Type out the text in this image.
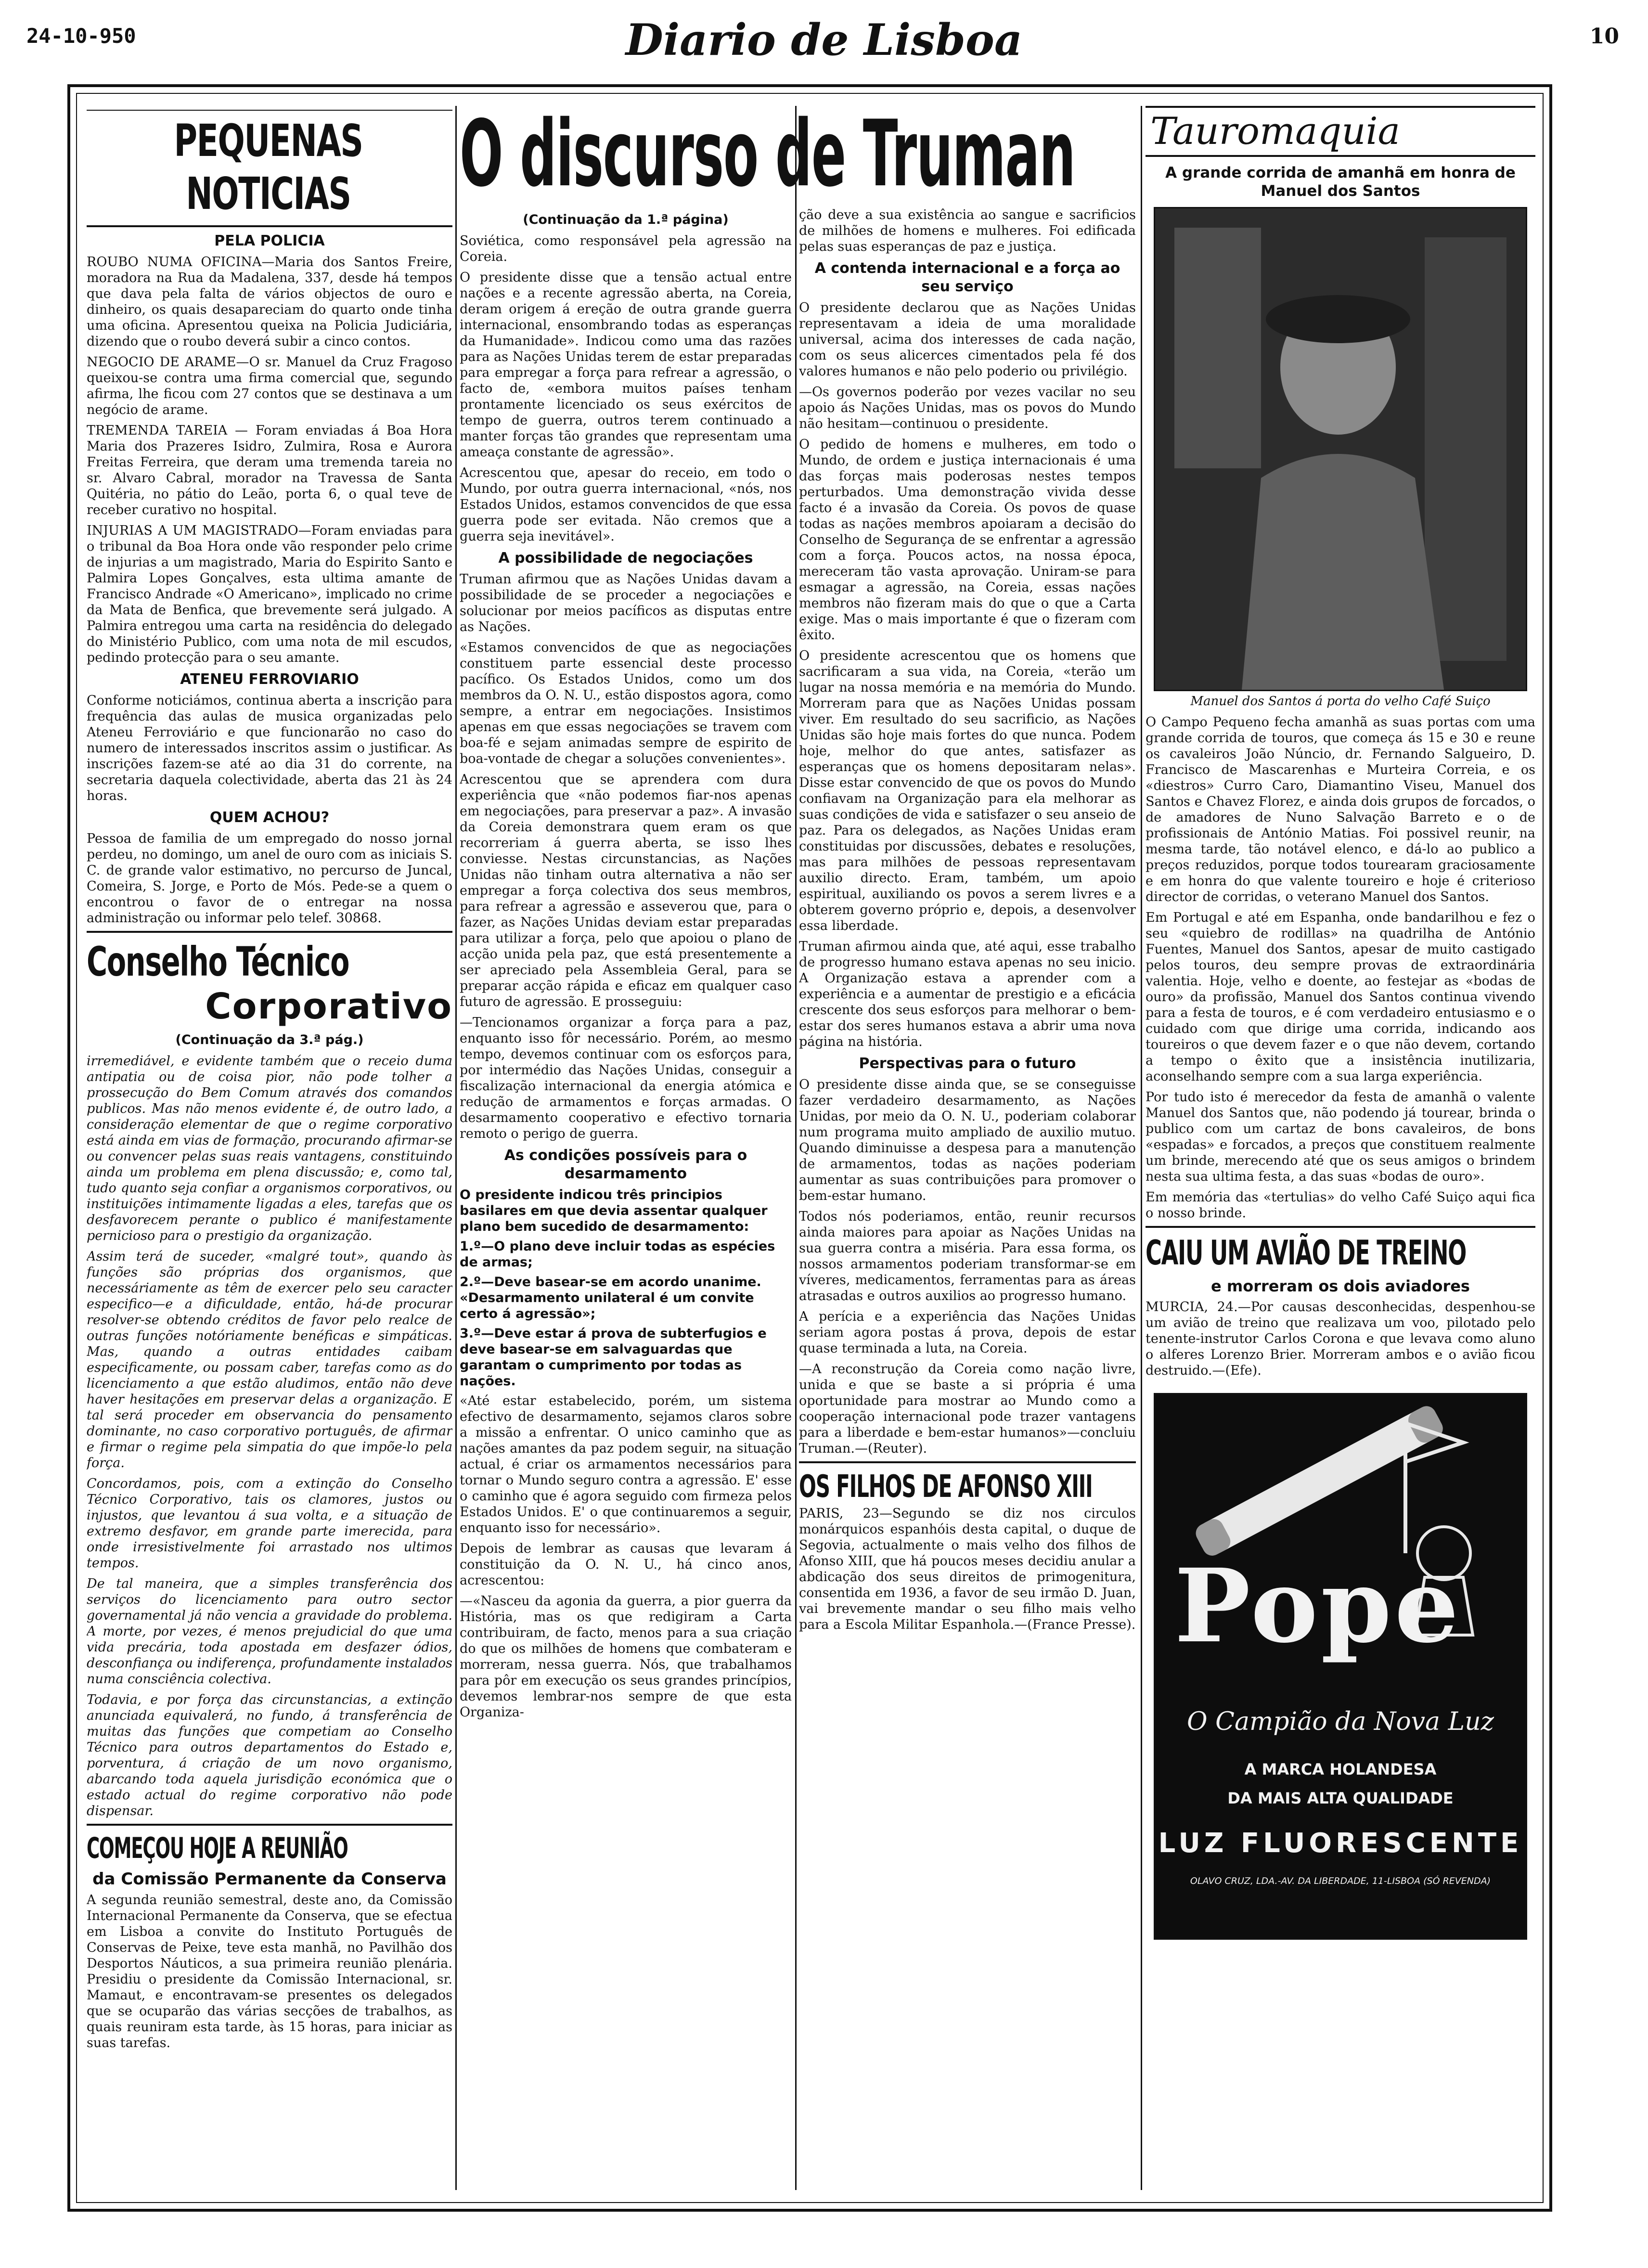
24-10-950	Diario de Lisboa	10
PEQUENAS NOTICIAS
PELA POLICIA

ROUBO NUMA OFICINA—Maria dos Santos Freire, moradora na Rua da Madalena, 337, desde há tempos que dava pela falta de vários objectos de ouro e dinheiro, os quais desapareciam do quarto onde tinha uma oficina. Apresentou queixa na Policia Judiciária, dizendo que o roubo deverá subir a cinco contos.

NEGOCIO DE ARAME—O sr. Manuel da Cruz Fragoso queixou-se contra uma firma comercial que, segundo afirma, lhe ficou com 27 contos que se destinava a um negócio de arame.

TREMENDA TAREIA — Foram enviadas á Boa Hora Maria dos Prazeres Isidro, Zulmira, Rosa e Aurora Freitas Ferreira, que deram uma tremenda tareia no sr. Alvaro Cabral, morador na Travessa de Santa Quitéria, no pátio do Leão, porta 6, o qual teve de receber curativo no hospital.

INJURIAS A UM MAGISTRADO—Foram enviadas para o tribunal da Boa Hora onde vão responder pelo crime de injurias a um magistrado, Maria do Espirito Santo e Palmira Lopes Gonçalves, esta ultima amante de Francisco Andrade «O Americano», implicado no crime da Mata de Benfica, que brevemente será julgado. A Palmira entregou uma carta na residência do delegado do Ministério Publico, com uma nota de mil escudos, pedindo protecção para o seu amante.

ATENEU FERROVIARIO

Conforme noticiámos, continua aberta a inscrição para frequência das aulas de musica organizadas pelo Ateneu Ferroviário e que funcionarão no caso do numero de interessados inscritos assim o justificar. As inscrições fazem-se até ao dia 31 do corrente, na secretaria daquela colectividade, aberta das 21 às 24 horas.

QUEM ACHOU?

Pessoa de familia de um empregado do nosso jornal perdeu, no domingo, um anel de ouro com as iniciais S. C. de grande valor estimativo, no percurso de Juncal, Comeira, S. Jorge, e Porto de Mós. Pede-se a quem o encontrou o favor de o entregar na nossa administração ou informar pelo telef. 30868.

Conselho Técnico
Corporativo
(Continuação da 3.ª pág.)

irremediável, e evidente também que o receio duma antipatia ou de coisa pior, não pode tolher a prossecução do Bem Comum através dos comandos publicos. Mas não menos evidente é, de outro lado, a consideração elementar de que o regime corporativo está ainda em vias de formação, procurando afirmar-se ou convencer pelas suas reais vantagens, constituindo ainda um problema em plena discussão; e, como tal, tudo quanto seja confiar a organismos corporativos, ou instituições intimamente ligadas a eles, tarefas que os desfavorecem perante o publico é manifestamente pernicioso para o prestigio da organização.

Assim terá de suceder, «malgré tout», quando às funções são próprias dos organismos, que necessáriamente as têm de exercer pelo seu caracter especifico—e a dificuldade, então, há-de procurar resolver-se obtendo créditos de favor pelo realce de outras funções notóriamente benéficas e simpáticas. Mas, quando a outras entidades caibam especificamente, ou possam caber, tarefas como as do licenciamento a que estão aludimos, então não deve haver hesitações em preservar delas a organização. E tal será proceder em observancia do pensamento dominante, no caso corporativo português, de afirmar e firmar o regime pela simpatia do que impõe-lo pela força.

Concordamos, pois, com a extinção do Conselho Técnico Corporativo, tais os clamores, justos ou injustos, que levantou á sua volta, e a situação de extremo desfavor, em grande parte imerecida, para onde irresistivelmente foi arrastado nos ultimos tempos.

De tal maneira, que a simples transferência dos serviços do licenciamento para outro sector governamental já não vencia a gravidade do problema. A morte, por vezes, é menos prejudicial do que uma vida precária, toda apostada em desfazer ódios, desconfiança ou indiferença, profundamente instalados numa consciência colectiva.

Todavia, e por força das circunstancias, a extinção anunciada equivalerá, no fundo, á transferência de muitas das funções que competiam ao Conselho Técnico para outros departamentos do Estado e, porventura, á criação de um novo organismo, abarcando toda aquela jurisdição económica que o estado actual do regime corporativo não pode dispensar.

COMEÇOU HOJE A REUNIÃO
da Comissão Permanente da Conserva

A segunda reunião semestral, deste ano, da Comissão Internacional Permanente da Conserva, que se efectua em Lisboa a convite do Instituto Português de Conservas de Peixe, teve esta manhã, no Pavilhão dos Desportos Náuticos, a sua primeira reunião plenária. Presidiu o presidente da Comissão Internacional, sr. Mamaut, e encontravam-se presentes os delegados que se ocuparão das várias secções de trabalhos, as quais reuniram esta tarde, às 15 horas, para iniciar as suas tarefas.

O discurso de Truman
(Continuação da 1.ª página)

Soviética, como responsável pela agressão na Coreia.

O presidente disse que a tensão actual entre nações e a recente agressão aberta, na Coreia, deram origem á ereção de outra grande guerra internacional, ensombrando todas as esperanças da Humanidade». Indicou como uma das razões para as Nações Unidas terem de estar preparadas para empregar a força para refrear a agressão, o facto de, «embora muitos países tenham prontamente licenciado os seus exércitos de tempo de guerra, outros terem continuado a manter forças tão grandes que representam uma ameaça constante de agressão».

Acrescentou que, apesar do receio, em todo o Mundo, por outra guerra internacional, «nós, nos Estados Unidos, estamos convencidos de que essa guerra pode ser evitada. Não cremos que a guerra seja inevitável».

A possibilidade de negociações

Truman afirmou que as Nações Unidas davam a possibilidade de se proceder a negociações e solucionar por meios pacíficos as disputas entre as Nações.

«Estamos convencidos de que as negociações constituem parte essencial deste processo pacífico. Os Estados Unidos, como um dos membros da O. N. U., estão dispostos agora, como sempre, a entrar em negociações. Insistimos apenas em que essas negociações se travem com boa-fé e sejam animadas sempre de espirito de boa-vontade de chegar a soluções convenientes».

Acrescentou que se aprendera com dura experiência que «não podemos fiar-nos apenas em negociações, para preservar a paz». A invasão da Coreia demonstrara quem eram os que recorreriam á guerra aberta, se isso lhes conviesse. Nestas circunstancias, as Nações Unidas não tinham outra alternativa a não ser empregar a força colectiva dos seus membros, para refrear a agressão e asseverou que, para o fazer, as Nações Unidas deviam estar preparadas para utilizar a força, pelo que apoiou o plano de acção unida pela paz, que está presentemente a ser apreciado pela Assembleia Geral, para se preparar acção rápida e eficaz em qualquer caso futuro de agressão. E prosseguiu:

—Tencionamos organizar a força para a paz, enquanto isso fôr necessário. Porém, ao mesmo tempo, devemos continuar com os esforços para, por intermédio das Nações Unidas, conseguir a fiscalização internacional da energia atómica e redução de armamentos e forças armadas. O desarmamento cooperativo e efectivo tornaria remoto o perigo de guerra.

As condições possíveis para o desarmamento

O presidente indicou três principios basilares em que devia assentar qualquer plano bem sucedido de desarmamento:

1.º—O plano deve incluir todas as espécies de armas;

2.º—Deve basear-se em acordo unanime. «Desarmamento unilateral é um convite certo á agressão»;

3.º—Deve estar á prova de subterfugios e deve basear-se em salvaguardas que garantam o cumprimento por todas as nações.

«Até estar estabelecido, porém, um sistema efectivo de desarmamento, sejamos claros sobre a missão a enfrentar. O unico caminho que as nações amantes da paz podem seguir, na situação actual, é criar os armamentos necessários para tornar o Mundo seguro contra a agressão. E' esse o caminho que é agora seguido com firmeza pelos Estados Unidos. E' o que continuaremos a seguir, enquanto isso for necessário».

Depois de lembrar as causas que levaram á constituição da O. N. U., há cinco anos, acrescentou:

—«Nasceu da agonia da guerra, a pior guerra da História, mas os que redigiram a Carta contribuiram, de facto, menos para a sua criação do que os milhões de homens que combateram e morreram, nessa guerra. Nós, que trabalhamos para pôr em execução os seus grandes princípios, devemos lembrar-nos sempre de que esta Organiza-

ção deve a sua existência ao sangue e sacrificios de milhões de homens e mulheres. Foi edificada pelas suas esperanças de paz e justiça.

A contenda internacional e a força ao seu serviço

O presidente declarou que as Nações Unidas representavam a ideia de uma moralidade universal, acima dos interesses de cada nação, com os seus alicerces cimentados pela fé dos valores humanos e não pelo poderio ou privilégio.

—Os governos poderão por vezes vacilar no seu apoio ás Nações Unidas, mas os povos do Mundo não hesitam—continuou o presidente.

O pedido de homens e mulheres, em todo o Mundo, de ordem e justiça internacionais é uma das forças mais poderosas nestes tempos perturbados. Uma demonstração vivida desse facto é a invasão da Coreia. Os povos de quase todas as nações membros apoiaram a decisão do Conselho de Segurança de se enfrentar a agressão com a força. Poucos actos, na nossa época, mereceram tão vasta aprovação. Uniram-se para esmagar a agressão, na Coreia, essas nações membros não fizeram mais do que o que a Carta exige. Mas o mais importante é que o fizeram com êxito.

O presidente acrescentou que os homens que sacrificaram a sua vida, na Coreia, «terão um lugar na nossa memória e na memória do Mundo. Morreram para que as Nações Unidas possam viver. Em resultado do seu sacrificio, as Nações Unidas são hoje mais fortes do que nunca. Podem hoje, melhor do que antes, satisfazer as esperanças que os homens depositaram nelas». Disse estar convencido de que os povos do Mundo confiavam na Organização para ela melhorar as suas condições de vida e satisfazer o seu anseio de paz. Para os delegados, as Nações Unidas eram constituidas por discussões, debates e resoluções, mas para milhões de pessoas representavam auxilio directo. Eram, também, um apoio espiritual, auxiliando os povos a serem livres e a obterem governo próprio e, depois, a desenvolver essa liberdade.

Truman afirmou ainda que, até aqui, esse trabalho de progresso humano estava apenas no seu inicio. A Organização estava a aprender com a experiência e a aumentar de prestigio e a eficácia crescente dos seus esforços para melhorar o bem-estar dos seres humanos estava a abrir uma nova página na história.

Perspectivas para o futuro

O presidente disse ainda que, se se conseguisse fazer verdadeiro desarmamento, as Nações Unidas, por meio da O. N. U., poderiam colaborar num programa muito ampliado de auxilio mutuo. Quando diminuisse a despesa para a manutenção de armamentos, todas as nações poderiam aumentar as suas contribuições para promover o bem-estar humano.

Todos nós poderiamos, então, reunir recursos ainda maiores para apoiar as Nações Unidas na sua guerra contra a miséria. Para essa forma, os nossos armamentos poderiam transformar-se em víveres, medicamentos, ferramentas para as áreas atrasadas e outros auxilios ao progresso humano.

A perícia e a experiência das Nações Unidas seriam agora postas á prova, depois de estar quase terminada a luta, na Coreia.

—A reconstrução da Coreia como nação livre, unida e que se baste a si própria é uma oportunidade para mostrar ao Mundo como a cooperação internacional pode trazer vantagens para a liberdade e bem-estar humanos»—concluiu Truman.—(Reuter).

OS FILHOS DE AFONSO XIII

PARIS, 23—Segundo se diz nos circulos monárquicos espanhóis desta capital, o duque de Segovia, actualmente o mais velho dos filhos de Afonso XIII, que há poucos meses decidiu anular a abdicação dos seus direitos de primogenitura, consentida em 1936, a favor de seu irmão D. Juan, vai brevemente mandar o seu filho mais velho para a Escola Militar Espanhola.—(France Presse).

Tauromaquia
A grande corrida de amanhã em honra de Manuel dos Santos
Manuel dos Santos á porta do velho Café Suiço

O Campo Pequeno fecha amanhã as suas portas com uma grande corrida de touros, que começa ás 15 e 30 e reune os cavaleiros João Núncio, dr. Fernando Salgueiro, D. Francisco de Mascarenhas e Murteira Correia, e os «diestros» Curro Caro, Diamantino Viseu, Manuel dos Santos e Chavez Florez, e ainda dois grupos de forcados, o de amadores de Nuno Salvação Barreto e o de profissionais de António Matias. Foi possivel reunir, na mesma tarde, tão notável elenco, e dá-lo ao publico a preços reduzidos, porque todos tourearam graciosamente e em honra do que valente toureiro e hoje é criterioso director de corridas, o veterano Manuel dos Santos.

Em Portugal e até em Espanha, onde bandarilhou e fez o seu «quiebro de rodillas» na quadrilha de António Fuentes, Manuel dos Santos, apesar de muito castigado pelos touros, deu sempre provas de extraordinária valentia. Hoje, velho e doente, ao festejar as «bodas de ouro» da profissão, Manuel dos Santos continua vivendo para a festa de touros, e é com verdadeiro entusiasmo e o cuidado com que dirige uma corrida, indicando aos toureiros o que devem fazer e o que não devem, cortando a tempo o êxito que a insistência inutilizaria, aconselhando sempre com a sua larga experiência.

Por tudo isto é merecedor da festa de amanhã o valente Manuel dos Santos que, não podendo já tourear, brinda o publico com um cartaz de bons cavaleiros, de bons «espadas» e forcados, a preços que constituem realmente um brinde, merecendo até que os seus amigos o brindem nesta sua ultima festa, a das suas «bodas de ouro».

Em memória das «tertulias» do velho Café Suiço aqui fica o nosso brinde.

CAIU UM AVIÃO DE TREINO
e morreram os dois aviadores

MURCIA, 24.—Por causas desconhecidas, despenhou-se um avião de treino que realizava um voo, pilotado pelo tenente-instrutor Carlos Corona e que levava como aluno o alferes Lorenzo Brier. Morreram ambos e o avião ficou destruido.—(Efe).

Pope
O Campião da Nova Luz
A MARCA HOLANDESA
DA MAIS ALTA QUALIDADE
LUZ FLUORESCENTE
OLAVO CRUZ, LDA.-AV. DA LIBERDADE, 11-LISBOA (SÓ REVENDA)
